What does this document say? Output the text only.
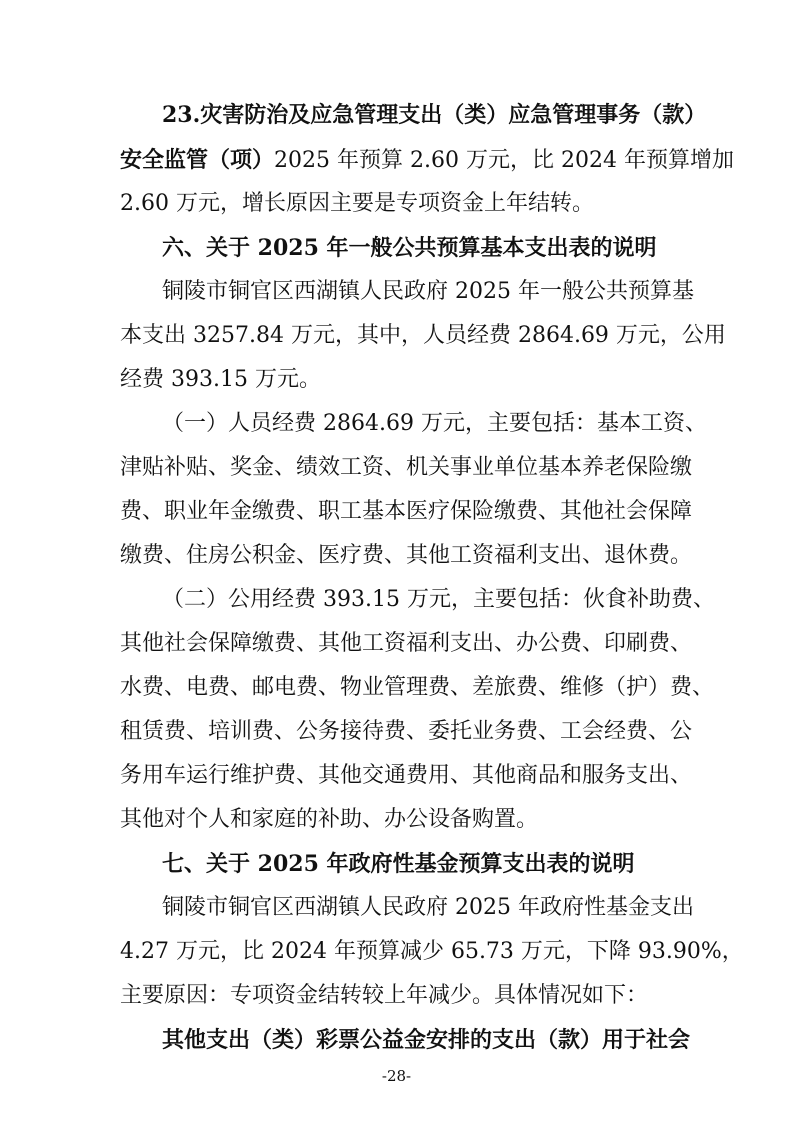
23.灾害防治及应急管理支出（类）应急管理事务（款）
安全监管（项）2025 年预算 2.60 万元，比 2024 年预算增加
2.60 万元，增长原因主要是专项资金上年结转。
六、关于 2025 年一般公共预算基本支出表的说明
铜陵市铜官区西湖镇人民政府 2025 年一般公共预算基
本支出 3257.84 万元，其中，人员经费 2864.69 万元，公用
经费 393.15 万元。
（一）人员经费 2864.69 万元，主要包括：基本工资、
津贴补贴、奖金、绩效工资、机关事业单位基本养老保险缴
费、职业年金缴费、职工基本医疗保险缴费、其他社会保障
缴费、住房公积金、医疗费、其他工资福利支出、退休费。
（二）公用经费 393.15 万元，主要包括：伙食补助费、
其他社会保障缴费、其他工资福利支出、办公费、印刷费、
水费、电费、邮电费、物业管理费、差旅费、维修（护）费、
租赁费、培训费、公务接待费、委托业务费、工会经费、公
务用车运行维护费、其他交通费用、其他商品和服务支出、
其他对个人和家庭的补助、办公设备购置。
七、关于 2025 年政府性基金预算支出表的说明
铜陵市铜官区西湖镇人民政府 2025 年政府性基金支出
4.27 万元，比 2024 年预算减少 65.73 万元，下降 93.90%，
主要原因：专项资金结转较上年减少。具体情况如下：
其他支出（类）彩票公益金安排的支出（款）用于社会
-28-
